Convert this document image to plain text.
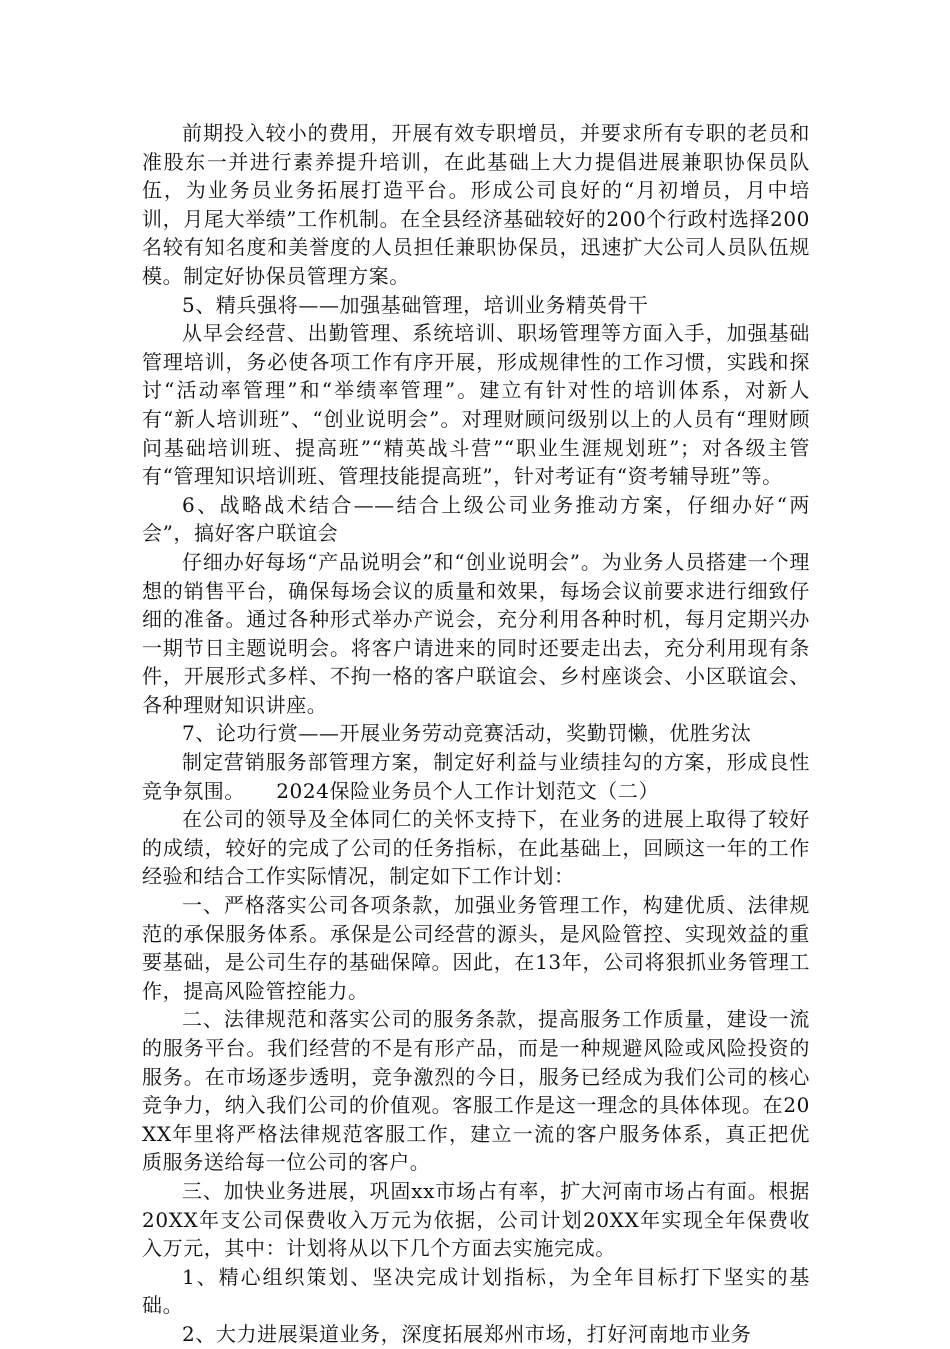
前期投入较小的费用，开展有效专职增员，并要求所有专职的老员和准股东一并进行素养提升培训，在此基础上大力提倡进展兼职协保员队伍，为业务员业务拓展打造平台。形成公司良好的“月初增员，月中培训，月尾大举绩”工作机制。在全县经济基础较好的200个行政村选择200名较有知名度和美誉度的人员担任兼职协保员，迅速扩大公司人员队伍规模。制定好协保员管理方案。

5、精兵强将——加强基础管理，培训业务精英骨干

从早会经营、出勤管理、系统培训、职场管理等方面入手，加强基础管理培训，务必使各项工作有序开展，形成规律性的工作习惯，实践和探讨“活动率管理”和“举绩率管理”。建立有针对性的培训体系，对新人有“新人培训班”、“创业说明会”。对理财顾问级别以上的人员有“理财顾问基础培训班、提高班”“精英战斗营”“职业生涯规划班”；对各级主管有“管理知识培训班、管理技能提高班”，针对考证有“资考辅导班”等。

6、战略战术结合——结合上级公司业务推动方案，仔细办好“两会”，搞好客户联谊会

仔细办好每场“产品说明会”和“创业说明会”。为业务人员搭建一个理想的销售平台，确保每场会议的质量和效果，每场会议前要求进行细致仔细的准备。通过各种形式举办产说会，充分利用各种时机，每月定期兴办一期节日主题说明会。将客户请进来的同时还要走出去，充分利用现有条件，开展形式多样、不拘一格的客户联谊会、乡村座谈会、小区联谊会、各种理财知识讲座。

7、论功行赏——开展业务劳动竞赛活动，奖勤罚懒，优胜劣汰

制定营销服务部管理方案，制定好利益与业绩挂勾的方案，形成良性竞争氛围。　　2024保险业务员个人工作计划范文（二）

在公司的领导及全体同仁的关怀支持下，在业务的进展上取得了较好的成绩，较好的完成了公司的任务指标，在此基础上，回顾这一年的工作经验和结合工作实际情况，制定如下工作计划：

一、严格落实公司各项条款，加强业务管理工作，构建优质、法律规范的承保服务体系。承保是公司经营的源头，是风险管控、实现效益的重要基础，是公司生存的基础保障。因此，在13年，公司将狠抓业务管理工作，提高风险管控能力。

二、法律规范和落实公司的服务条款，提高服务工作质量，建设一流的服务平台。我们经营的不是有形产品，而是一种规避风险或风险投资的服务。在市场逐步透明，竞争激烈的今日，服务已经成为我们公司的核心竞争力，纳入我们公司的价值观。客服工作是这一理念的具体体现。在20XX年里将严格法律规范客服工作，建立一流的客户服务体系，真正把优质服务送给每一位公司的客户。

三、加快业务进展，巩固xx市场占有率，扩大河南市场占有面。根据20XX年支公司保费收入万元为依据，公司计划20XX年实现全年保费收入万元，其中：计划将从以下几个方面去实施完成。

1、精心组织策划、坚决完成计划指标，为全年目标打下坚实的基础。

2、大力进展渠道业务，深度拓展郑州市场，打好河南地市业务
